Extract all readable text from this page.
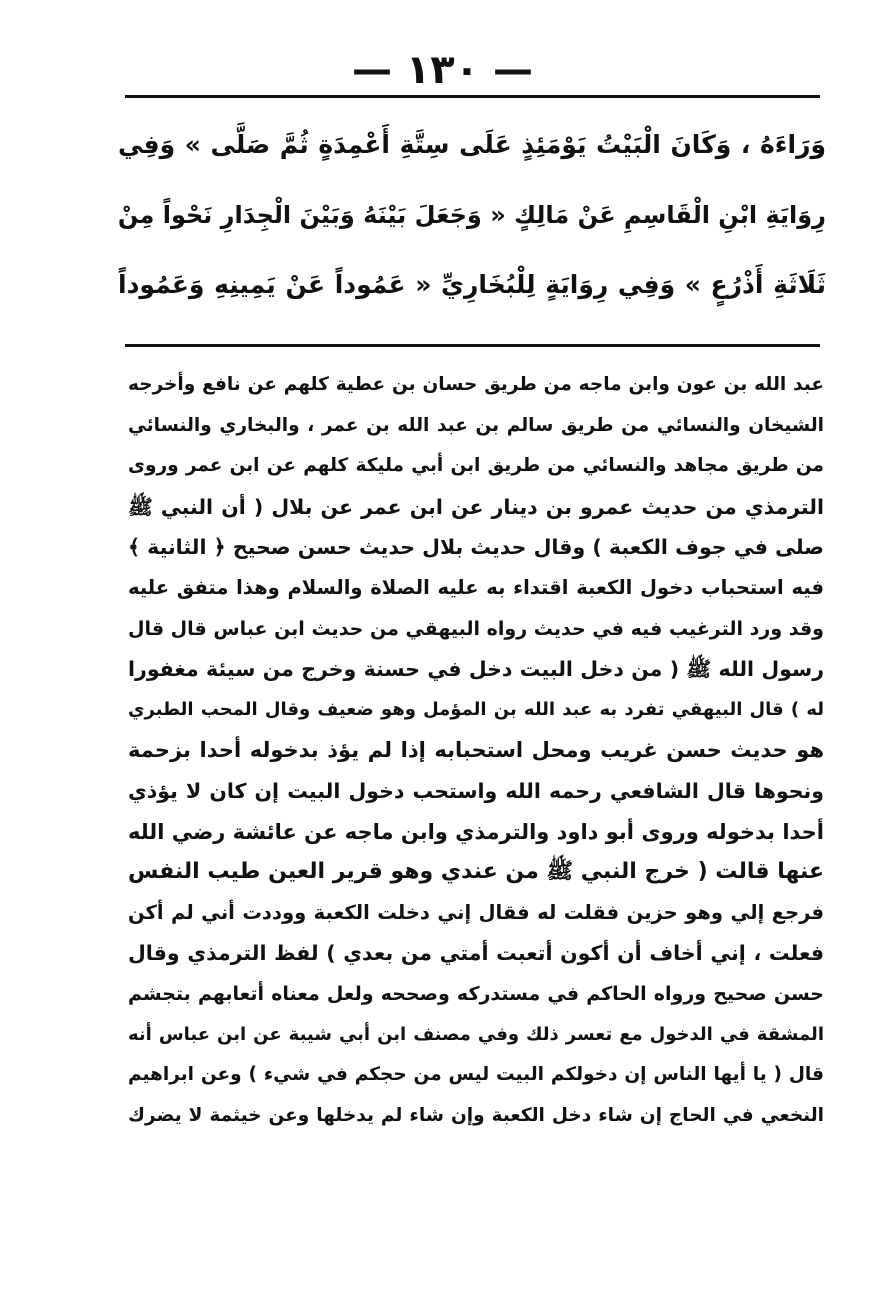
— ١٣٠ —
وَرَاءَهُ ، وَكَانَ الْبَيْتُ يَوْمَئِذٍ عَلَى سِتَّةِ أَعْمِدَةٍ ثُمَّ صَلَّى » وَفِي
رِوَايَةِ ابْنِ الْقَاسِمِ عَنْ مَالِكٍ « وَجَعَلَ بَيْنَهُ وَبَيْنَ الْجِدَارِ نَحْواً مِنْ
ثَلَاثَةِ أَذْرُعٍ » وَفِي رِوَايَةٍ لِلْبُخَارِيِّ « عَمُوداً عَنْ يَمِينِهِ وَعَمُوداً
عبد الله بن عون وابن ماجه من طريق حسان بن عطية كلهم عن نافع وأخرجه
الشيخان والنسائي من طريق سالم بن عبد الله بن عمر ، والبخاري والنسائي
من طريق مجاهد والنسائي من طريق ابن أبي مليكة كلهم عن ابن عمر وروى
الترمذي من حديث عمرو بن دينار عن ابن عمر عن بلال ( أن النبي ﷺ
صلى في جوف الكعبة ) وقال حديث بلال حديث حسن صحيح ﴿ الثانية ﴾
فيه استحباب دخول الكعبة اقتداء به عليه الصلاة والسلام وهذا متفق عليه
وقد ورد الترغيب فيه في حديث رواه البيهقي من حديث ابن عباس قال قال
رسول الله ﷺ ( من دخل البيت دخل في حسنة وخرج من سيئة مغفورا
له ) قال البيهقي تفرد به عبد الله بن المؤمل وهو ضعيف وقال المحب الطبري
هو حديث حسن غريب ومحل استحبابه إذا لم يؤذ بدخوله أحدا بزحمة
ونحوها قال الشافعي رحمه الله واستحب دخول البيت إن كان لا يؤذي
أحدا بدخوله وروى أبو داود والترمذي وابن ماجه عن عائشة رضي الله
عنها قالت ( خرج النبي ﷺ من عندي وهو قرير العين طيب النفس
فرجع إلي وهو حزين فقلت له فقال إني دخلت الكعبة ووددت أني لم أكن
فعلت ، إني أخاف أن أكون أتعبت أمتي من بعدي ) لفظ الترمذي وقال
حسن صحيح ورواه الحاكم في مستدركه وصححه ولعل معناه أتعابهم بتجشم
المشقة في الدخول مع تعسر ذلك وفي مصنف ابن أبي شيبة عن ابن عباس أنه
قال ( يا أيها الناس إن دخولكم البيت ليس من حجكم في شيء ) وعن ابراهيم
النخعي في الحاج إن شاء دخل الكعبة وإن شاء لم يدخلها وعن خيثمة لا يضرك
